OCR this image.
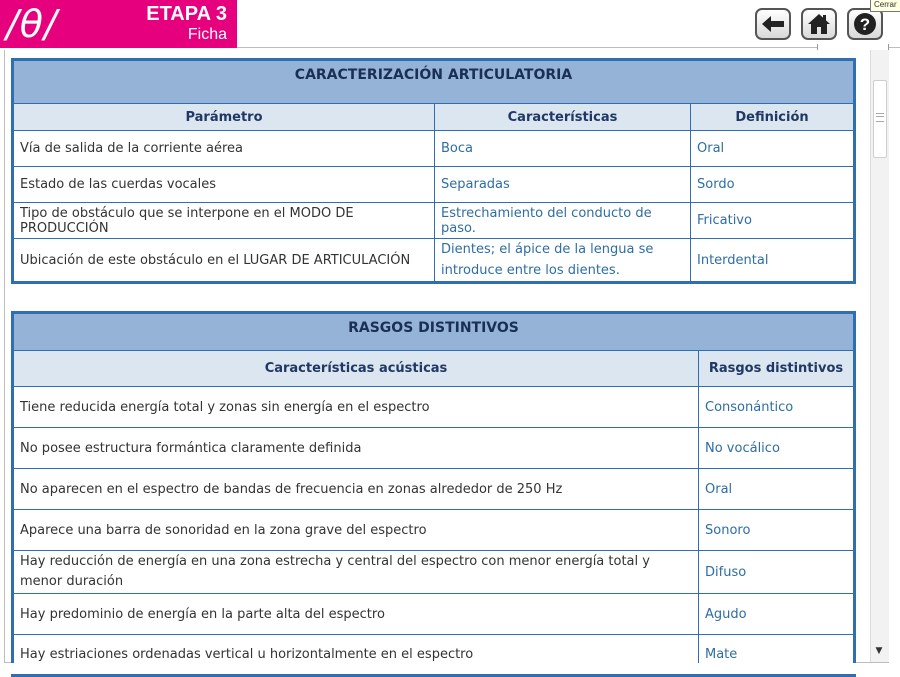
/θ/	ETAPA 3
Ficha
?
Cerrar
CARACTERIZACIÓN ARTICULATORIA		
Parámetro	Características	Definición
Vía de salida de la corriente aérea	Boca	Oral
Estado de las cuerdas vocales	Separadas	Sordo
Tipo de obstáculo que se interpone en el MODO DE PRODUCCIÓN	Estrechamiento del conducto de paso.	Fricativo
Ubicación de este obstáculo en el LUGAR DE ARTICULACIÓN	Dientes; el ápice de la lengua se introduce entre los dientes.	Interdental
RASGOS DISTINTIVOS	
Características acústicas	Rasgos distintivos
Tiene reducida energía total y zonas sin energía en el espectro	Consonántico
No posee estructura formántica claramente definida	No vocálico
No aparecen en el espectro de bandas de frecuencia en zonas alrededor de 250 Hz	Oral
Aparece una barra de sonoridad en la zona grave del espectro	Sonoro
Hay reducción de energía en una zona estrecha y central del espectro con menor energía total y menor duración	Difuso
Hay predominio de energía en la parte alta del espectro	Agudo
Hay estriaciones ordenadas vertical u horizontalmente en el espectro	Mate	▼
